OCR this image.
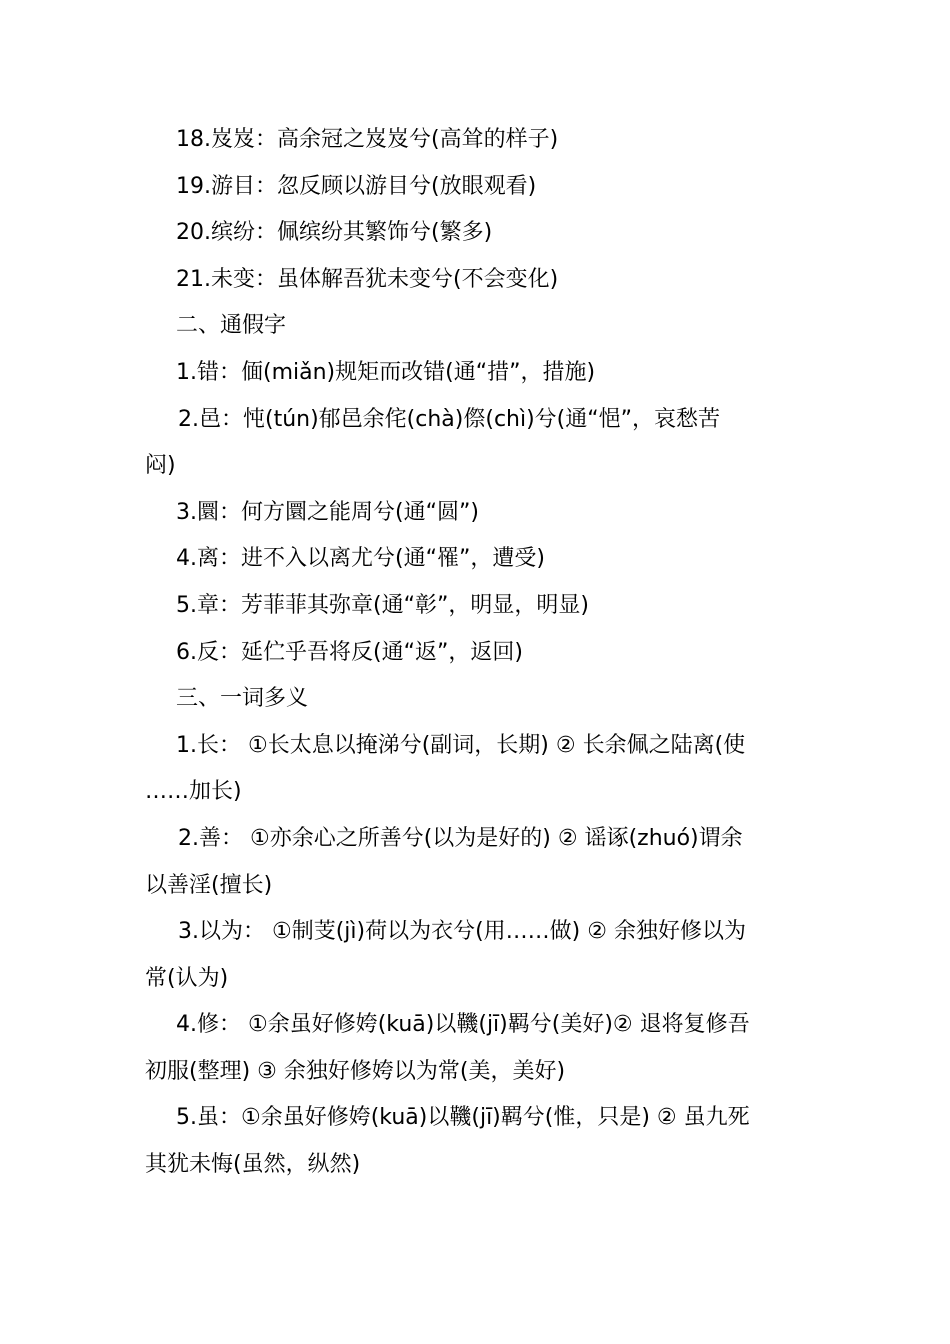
18.岌岌：高余冠之岌岌兮(高耸的样子)
19.游目：忽反顾以游目兮(放眼观看)
20.缤纷：佩缤纷其繁饰兮(繁多)
21.未变：虽体解吾犹未变兮(不会变化)
二、通假字
1.错：偭(miǎn)规矩而改错(通“措”，措施)
2.邑：忳(tún)郁邑余侘(chà)傺(chì)兮(通“悒”，哀愁苦
闷)
3.圜：何方圜之能周兮(通“圆”)
4.离：进不入以离尤兮(通“罹”，遭受)
5.章：芳菲菲其弥章(通“彰”，明显，明显)
6.反：延伫乎吾将反(通“返”，返回)
三、一词多义
1.长： ①长太息以掩涕兮(副词，长期) ② 长余佩之陆离(使
……加长)
2.善： ①亦余心之所善兮(以为是好的) ② 谣诼(zhuó)谓余
以善淫(擅长)
3.以为： ①制芰(jì)荷以为衣兮(用……做) ② 余独好修以为
常(认为)
4.修： ①余虽好修姱(kuā)以鞿(jī)羁兮(美好)② 退将复修吾
初服(整理) ③ 余独好修姱以为常(美，美好)
5.虽：①余虽好修姱(kuā)以鞿(jī)羁兮(惟，只是) ② 虽九死
其犹未悔(虽然，纵然)
